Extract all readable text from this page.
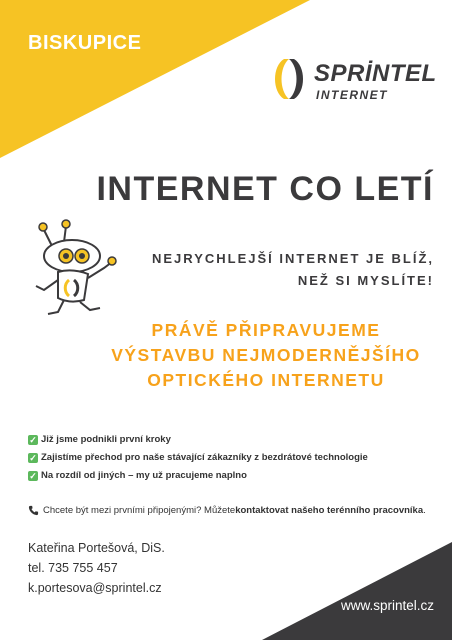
BISKUPICE
SPRİNTEL
INTERNET
INTERNET CO LETÍ
NEJRYCHLEJŠÍ INTERNET JE BLÍŽ,
NEŽ SI MYSLÍTE!
PRÁVĚ PŘIPRAVUJEME
VÝSTAVBU NEJMODERNĚJŠÍHO
OPTICKÉHO INTERNETU
✓ Již jsme podnikli první kroky
✓ Zajistíme přechod pro naše stávající zákazníky z bezdrátové technologie
✓ Na rozdíl od jiných – my už pracujeme naplno
Chcete být mezi prvními připojenými? Můžete kontaktovat našeho terénního pracovníka .
Kateřina Portešová, DiS.
tel. 735 755 457
k.portesova@sprintel.cz
www.sprintel.cz
